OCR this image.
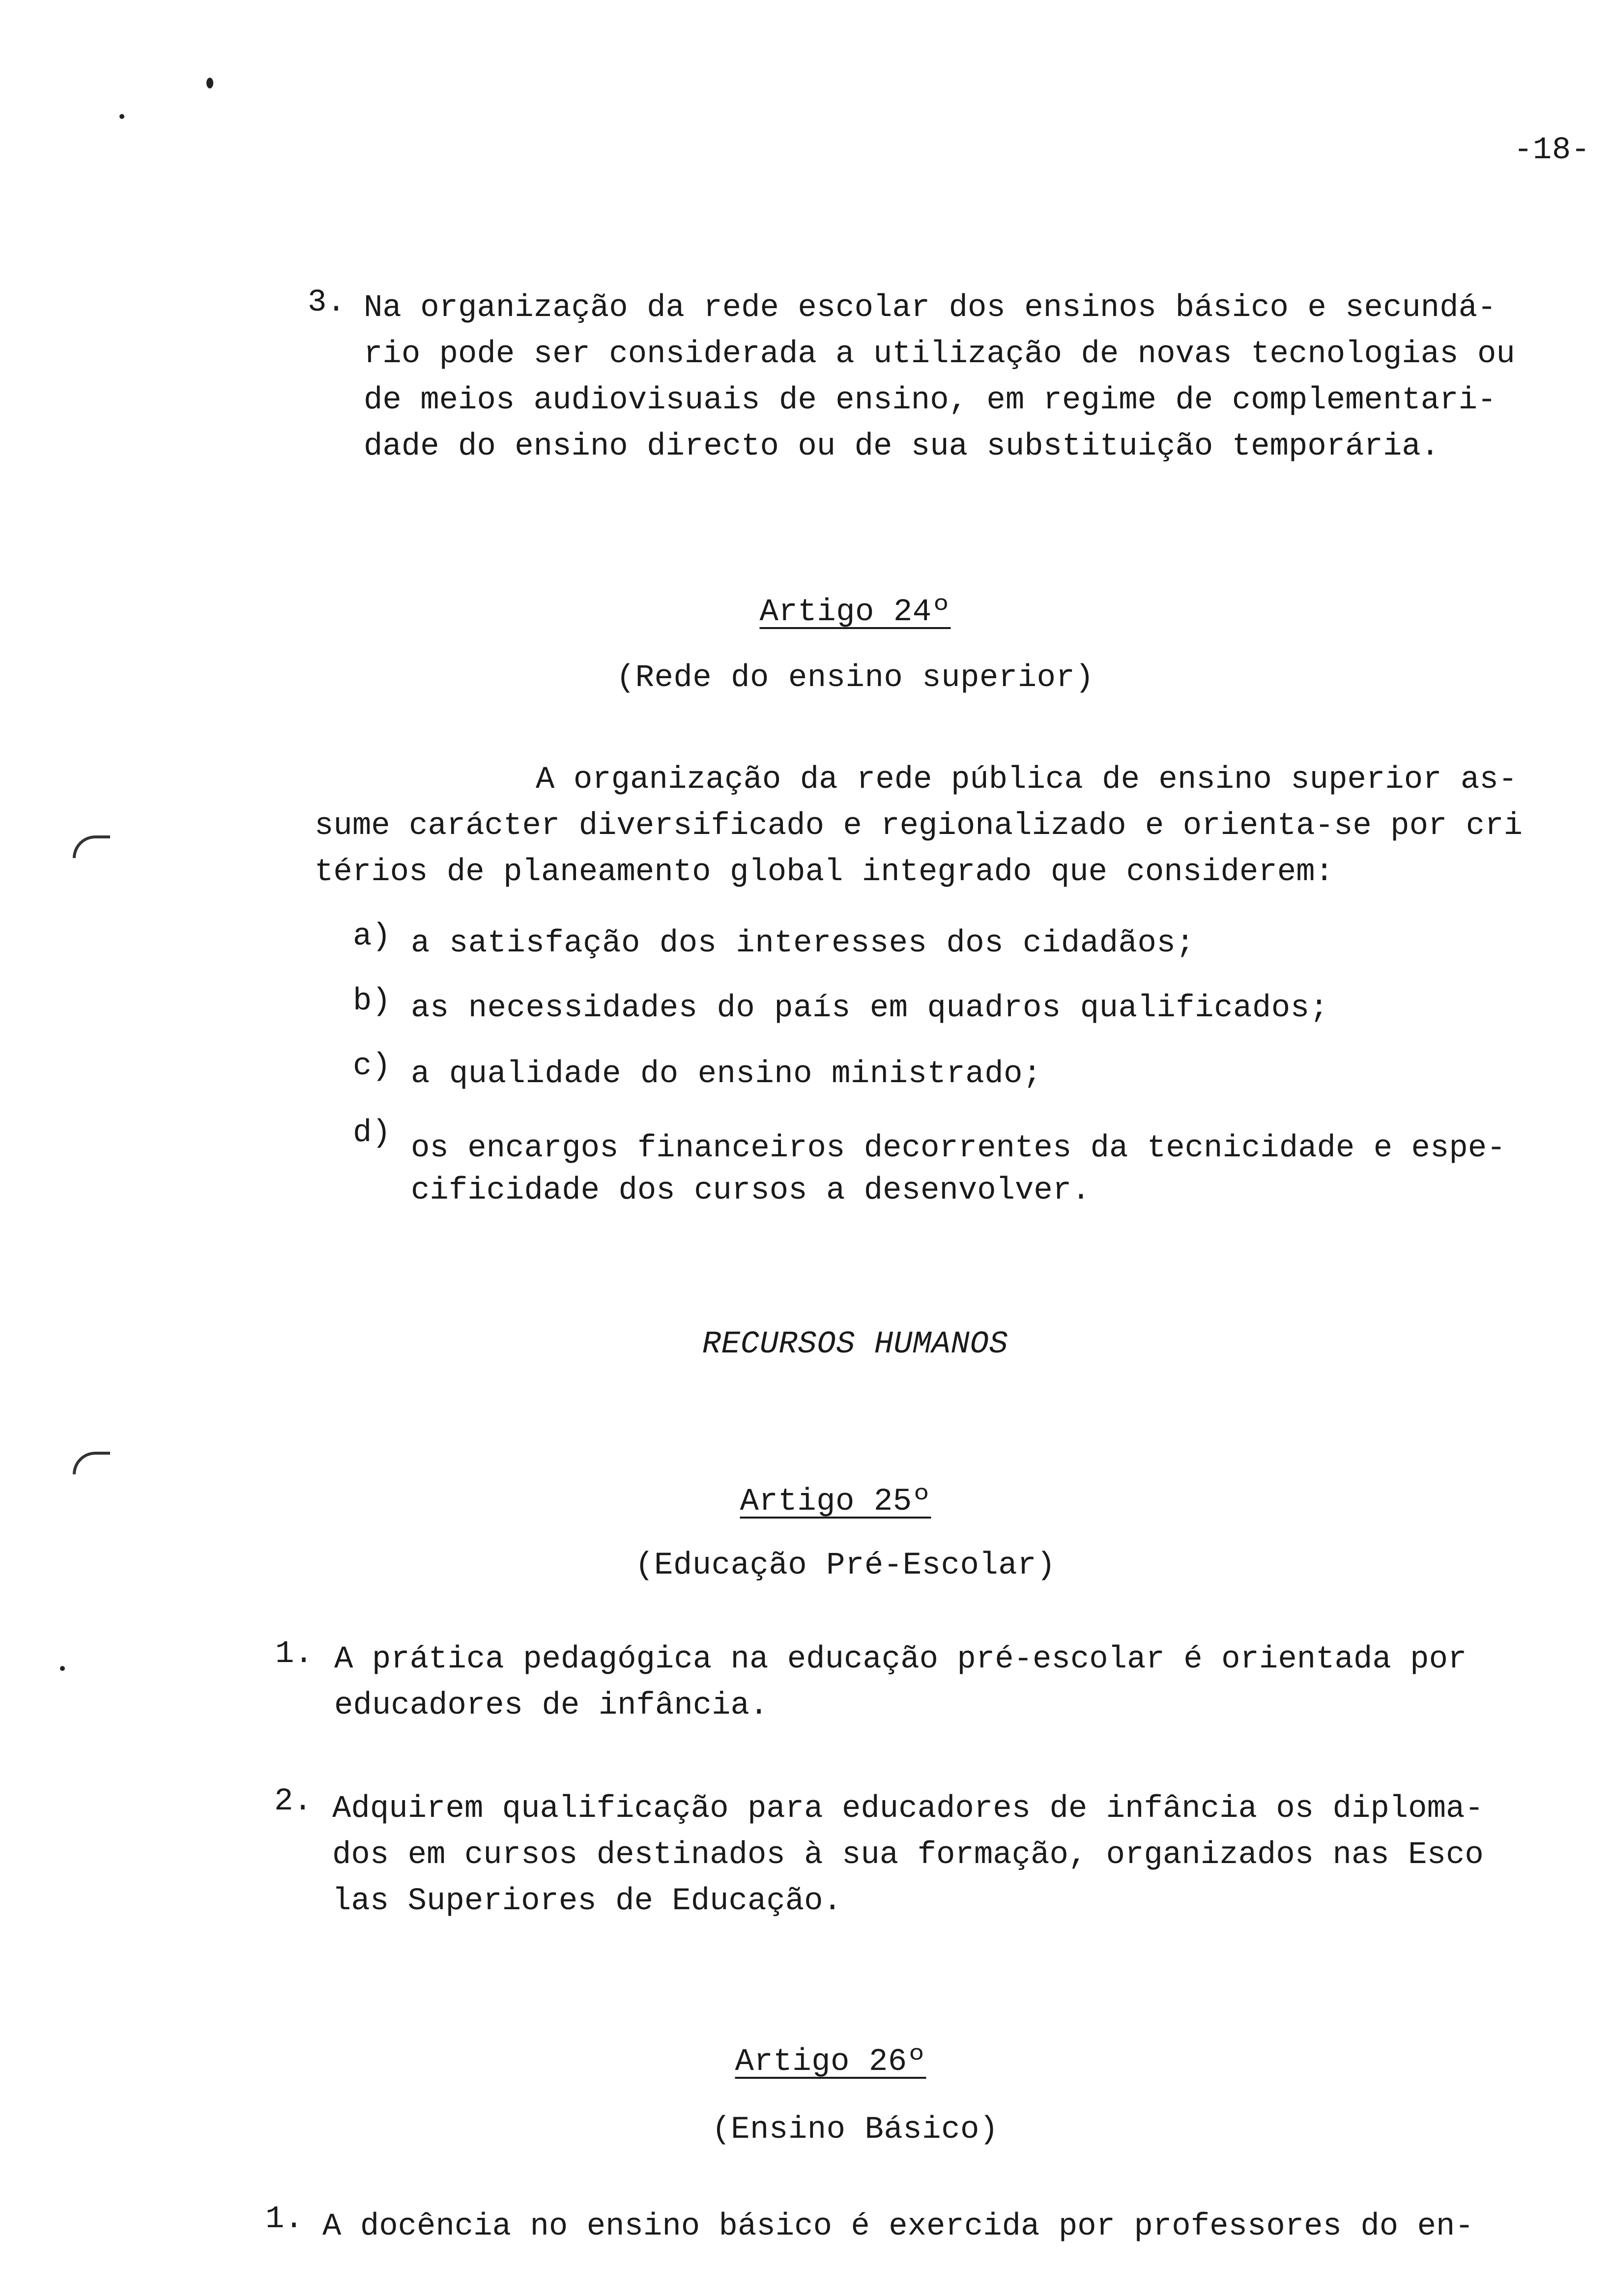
-18-
3. Na organização da rede escolar dos ensinos básico e secundá-
rio pode ser considerada a utilização de novas tecnologias ou
de meios audiovisuais de ensino, em regime de complementari-
dade do ensino directo ou de sua substituição temporária.
Artigo 24º
(Rede do ensino superior)
A organização da rede pública de ensino superior as-
sume carácter diversificado e regionalizado e orienta-se por cri
térios de planeamento global integrado que considerem:
a) a satisfação dos interesses dos cidadãos;
b) as necessidades do país em quadros qualificados;
c) a qualidade do ensino ministrado;
d) os encargos financeiros decorrentes da tecnicidade e espe-
cificidade dos cursos a desenvolver.
RECURSOS HUMANOS
Artigo 25º
(Educação Pré-Escolar)
1. A prática pedagógica na educação pré-escolar é orientada por
educadores de infância.
2. Adquirem qualificação para educadores de infância os diploma-
dos em cursos destinados à sua formação, organizados nas Esco
las Superiores de Educação.
Artigo 26º
(Ensino Básico)
1. A docência no ensino básico é exercida por professores do en-
